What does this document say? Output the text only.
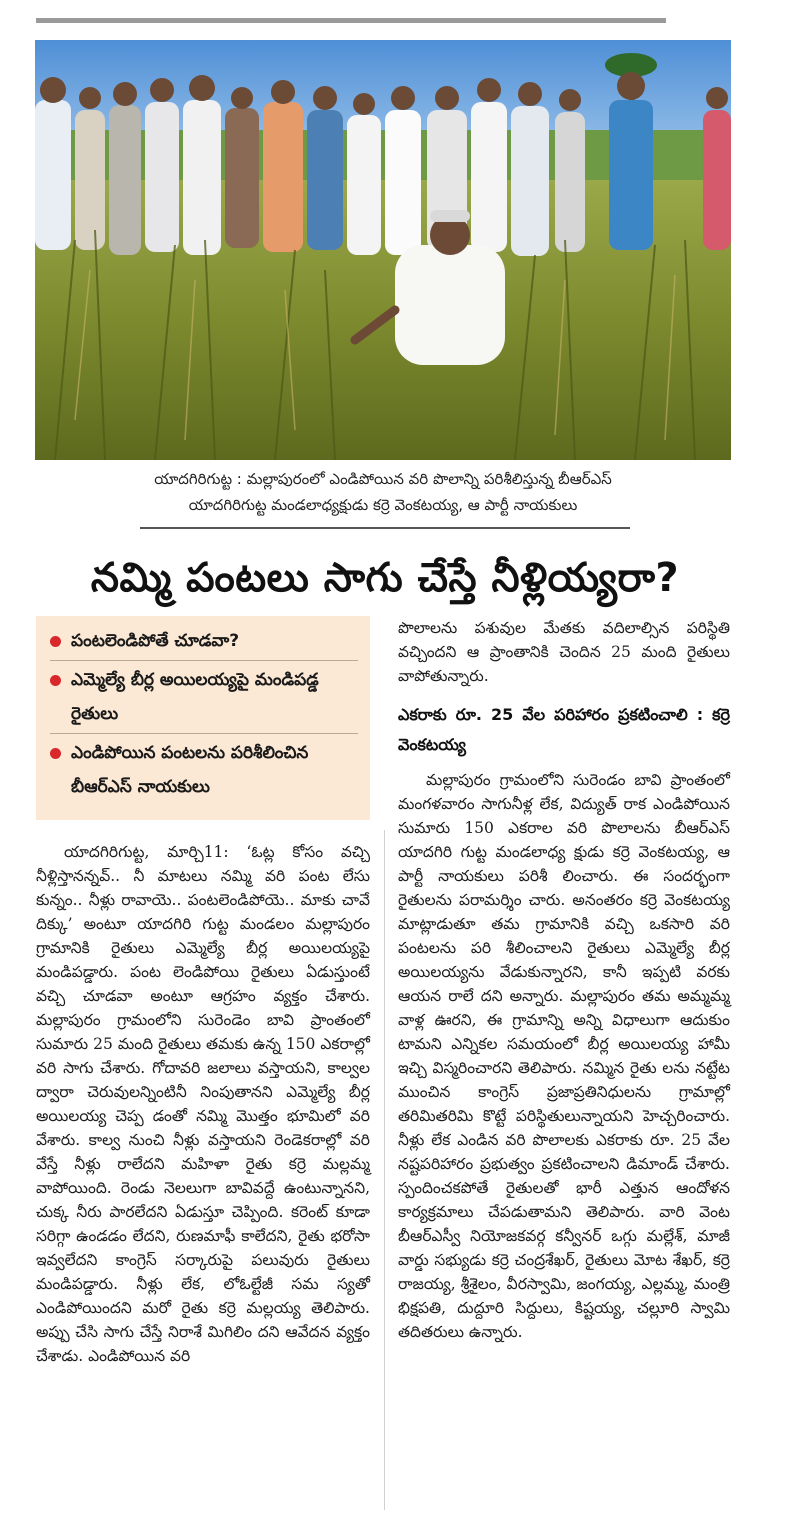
యాదగిరిగుట్ట : మల్లాపురంలో ఎండిపోయిన వరి పొలాన్ని పరిశీలిస్తున్న బీఆర్ఎస్
యాదగిరిగుట్ట మండలాధ్యక్షుడు కర్రె వెంకటయ్య, ఆ పార్టీ నాయకులు
నమ్మి పంటలు సాగు చేస్తే నీళ్లియ్యరా?
పంటలెండిపోతే చూడవా?
ఎమ్మెల్యే బీర్ల అయిలయ్యపై మండిపడ్డ రైతులు
ఎండిపోయిన పంటలను పరిశీలించిన బీఆర్ఎస్ నాయకులు

యాదగిరిగుట్ట, మార్చి11: ‘ఓట్ల కోసం వచ్చి నీళ్లిస్తానన్నవ్.. నీ మాటలు నమ్మి వరి పంట లేసు కున్నం.. నీళ్లు రావాయె.. పంటలెండిపోయె.. మాకు చావే దిక్కు’ అంటూ యాదగిరి గుట్ట మండలం మల్లాపురం గ్రామానికి రైతులు ఎమ్మెల్యే బీర్ల అయిలయ్యపై మండిపడ్డారు. పంట లెండిపోయి రైతులు ఏడుస్తుంటే వచ్చి చూడవా అంటూ ఆగ్రహం వ్యక్తం చేశారు. మల్లాపురం గ్రామంలోని సురెండెం బావి ప్రాంతంలో సుమారు 25 మంది రైతులు తమకు ఉన్న 150 ఎకరాల్లో వరి సాగు చేశారు. గోదావరి జలాలు వస్తాయని, కాల్వల ద్వారా చెరువులన్నింటినీ నింపుతానని ఎమ్మెల్యే బీర్ల అయిలయ్య చెప్ప డంతో నమ్మి మొత్తం భూమిలో వరి వేశారు. కాల్వ నుంచి నీళ్లు వస్తాయని రెండెకరాల్లో వరి వేస్తే నీళ్లు రాలేదని మహిళా రైతు కర్రె మల్లమ్మ వాపోయింది. రెండు నెలలుగా బావివద్దే ఉంటున్నానని, చుక్క నీరు పారలేదని ఏడుస్తూ చెప్పింది. కరెంట్ కూడా సరిగ్గా ఉండడం లేదని, రుణమాఫీ కాలేదని, రైతు భరోసా ఇవ్వలేదని కాంగ్రెస్ సర్కారుపై పలువురు రైతులు మండిపడ్డారు. నీళ్లు లేక, లోఓల్టేజీ సమ స్యతో ఎండిపోయిందని మరో రైతు కర్రె మల్లయ్య తెలిపారు. అప్పు చేసి సాగు చేస్తే నిరాశే మిగిలిం దని ఆవేదన వ్యక్తం చేశాడు. ఎండిపోయిన వరి

పొలాలను పశువుల మేతకు వదిలాల్సిన పరిస్థితి వచ్చిందని ఆ ప్రాంతానికి చెందిన 25 మంది రైతులు వాపోతున్నారు.

ఎకరాకు రూ. 25 వేల పరిహారం ప్రకటించాలి : కర్రె వెంకటయ్య

మల్లాపురం గ్రామంలోని సురెండం బావి ప్రాంతంలో మంగళవారం సాగునీళ్ల లేక, విద్యుత్ రాక ఎండిపోయిన సుమారు 150 ఎకరాల వరి పొలాలను బీఆర్ఎస్ యాదగిరి గుట్ట మండలాధ్య క్షుడు కర్రె వెంకటయ్య, ఆ పార్టీ నాయకులు పరిశీ లించారు. ఈ సందర్భంగా రైతులను పరామర్శిం చారు. అనంతరం కర్రె వెంకటయ్య మాట్లాడుతూ తమ గ్రామానికి వచ్చి ఒకసారి వరి పంటలను పరి శీలించాలని రైతులు ఎమ్మెల్యే బీర్ల అయిలయ్యను వేడుకున్నారని, కానీ ఇప్పటి వరకు ఆయన రాలే దని అన్నారు. మల్లాపురం తమ అమ్మమ్మ వాళ్ల ఊరని, ఈ గ్రామాన్ని అన్ని విధాలుగా ఆదుకుం టామని ఎన్నికల సమయంలో బీర్ల అయిలయ్య హామీ ఇచ్చి విస్మరించారని తెలిపారు. నమ్మిన రైతు లను నట్టేట ముంచిన కాంగ్రెస్ ప్రజాప్రతినిధులను గ్రామాల్లో తరిమితరిమి కొట్టే పరిస్థితులున్నాయని హెచ్చరించారు. నీళ్లు లేక ఎండిన వరి పొలాలకు ఎకరాకు రూ. 25 వేల నష్టపరిహారం ప్రభుత్వం ప్రకటించాలని డిమాండ్ చేశారు. స్పందించకపోతే రైతులతో భారీ ఎత్తున ఆందోళన కార్యక్రమాలు చేపడుతామని తెలిపారు. వారి వెంట బీఆర్ఎస్వీ నియోజకవర్గ కన్వీనర్ ఒగ్గు మల్లేశ్, మాజీ వార్డు సభ్యుడు కర్రె చంద్రశేఖర్, రైతులు మోట శేఖర్, కర్రె రాజయ్య, శ్రీశైలం, వీరస్వామి, జంగయ్య, ఎల్లమ్మ, మంత్రి భిక్షపతి, దుద్దూరి సిద్దులు, కిష్టయ్య, చల్లూరి స్వామి తదితరులు ఉన్నారు.
